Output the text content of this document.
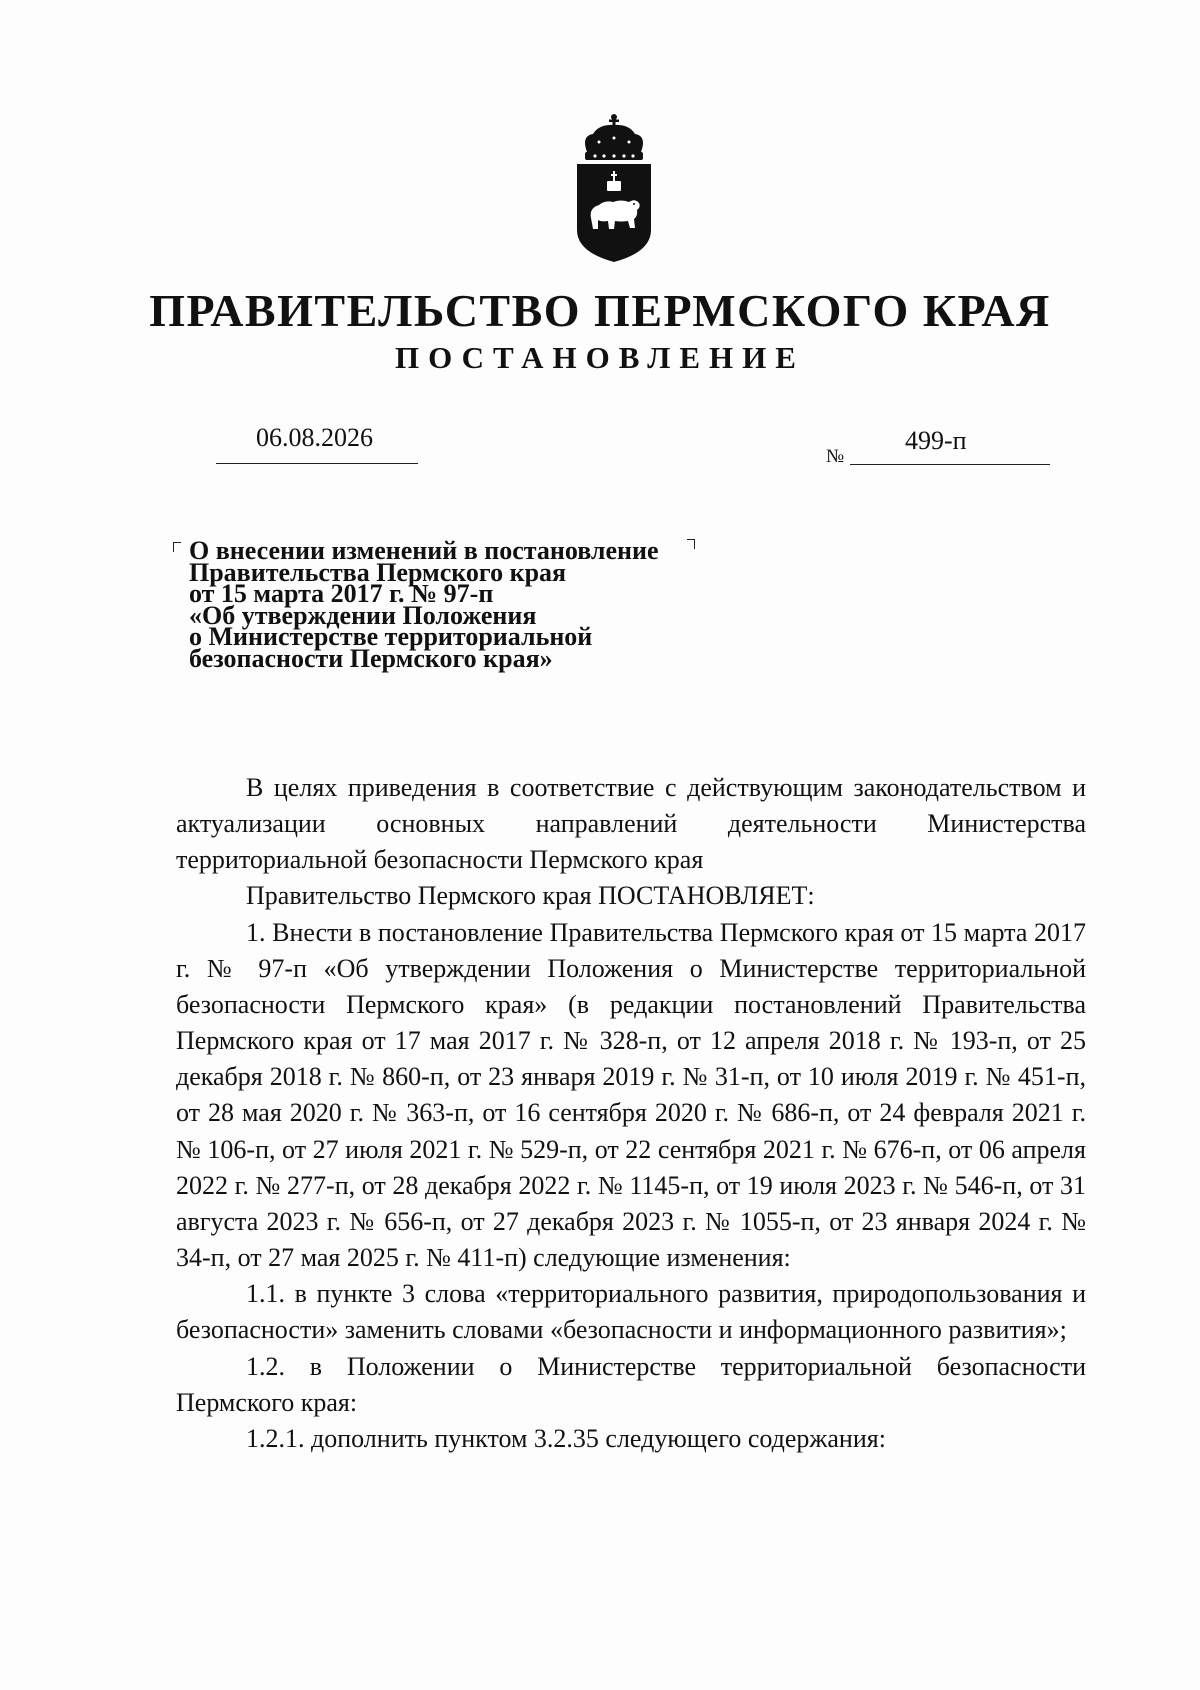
ПРАВИТЕЛЬСТВО ПЕРМСКОГО КРАЯ
ПОСТАНОВЛЕНИЕ
06.08.2026
№
499-п
О внесении изменений в постановление
Правительства Пермского края
от 15 марта 2017 г. № 97-п
«Об утверждении Положения
о Министерстве территориальной
безопасности Пермского края»

В целях приведения в соответствие с действующим законодательством и актуализации основных направлений деятельности Министерства территориальной безопасности Пермского края

Правительство Пермского края ПОСТАНОВЛЯЕТ:

1. Внести в постановление Правительства Пермского края от 15 марта 2017 г. № 97-п «Об утверждении Положения о Министерстве территориальной безопасности Пермского края» (в редакции постановлений Правительства Пермского края от 17 мая 2017 г. № 328-п, от 12 апреля 2018 г. № 193-п, от 25 декабря 2018 г. № 860-п, от 23 января 2019 г. № 31-п, от 10 июля 2019 г. № 451-п, от 28 мая 2020 г. № 363-п, от 16 сентября 2020 г. № 686-п, от 24 февраля 2021 г. № 106-п, от 27 июля 2021 г. № 529-п, от 22 сентября 2021 г. № 676-п, от 06 апреля 2022 г. № 277-п, от 28 декабря 2022 г. № 1145-п, от 19 июля 2023 г. № 546-п, от 31 августа 2023 г. № 656-п, от 27 декабря 2023 г. № 1055-п, от 23 января 2024 г. № 34-п, от 27 мая 2025 г. № 411-п) следующие изменения:

1.1. в пункте 3 слова «территориального развития, природопользования и безопасности» заменить словами «безопасности и информационного развития»;

1.2. в Положении о Министерстве территориальной безопасности Пермского края:

1.2.1. дополнить пунктом 3.2.35 следующего содержания:
